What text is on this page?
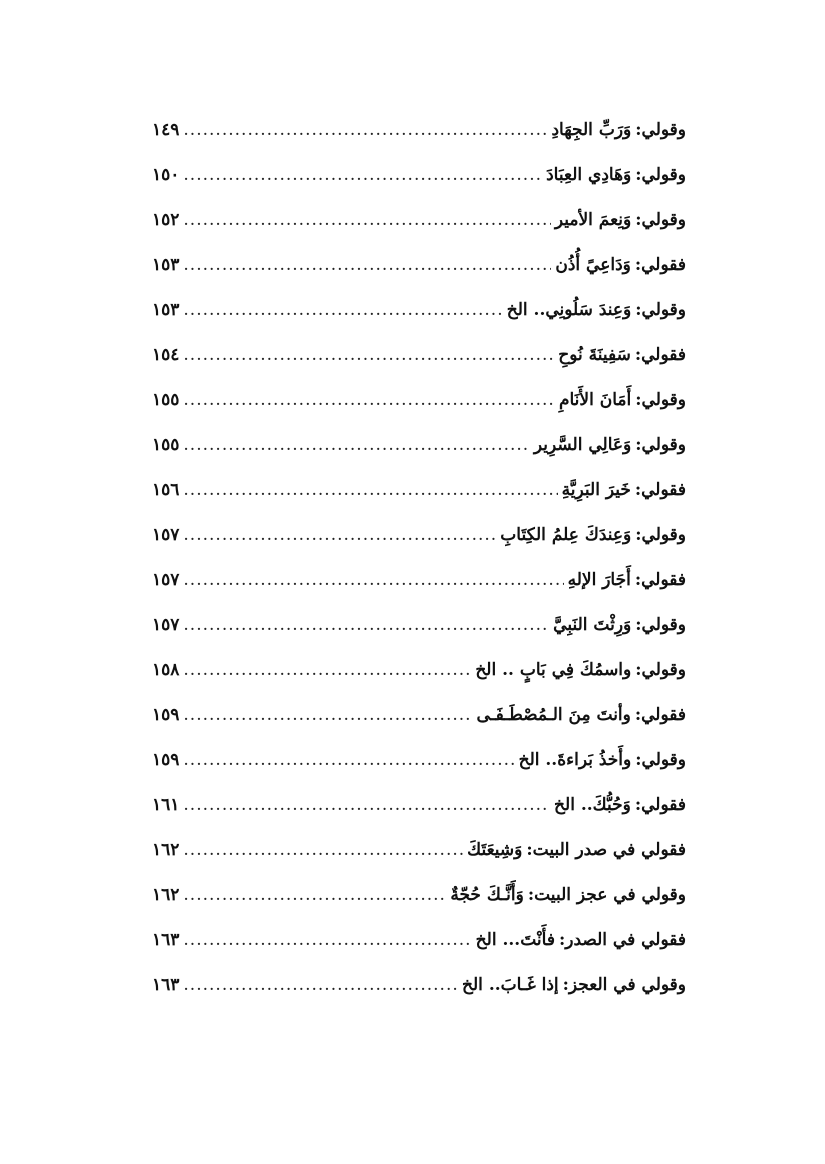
وقولي:وَرَبِّ الجِهَادِ
.....
١٤٩
وقولي:وَهَادِي العِبَادَ
.....
١٥٠
وقولي:وَنِعمَ الأمير
.....
١٥٢
فقولي:وَدَاعِيً أُذُن
.....
١٥٣
وقولي:وَعِندَ سَلُونِي.. الخ
.....
١٥٣
فقولي:سَفِينَةَ نُوحِ
.....
١٥٤
وقولي:أَمَانَ الأَنَامِ
.....
١٥٥
وقولي:وَعَالِي السَّرِير
.....
١٥٥
فقولي:خَيرَ البَرِيَّةِ
.....
١٥٦
وقولي:وَعِندَكَ عِلمُ الكِتَابِ
.....
١٥٧
فقولي:أَجَارَ الإلهِ
.....
١٥٧
وقولي:وَرِثْتَ النَبِيَّ
.....
١٥٧
وقولي:واسمُكَ فِي بَابٍ .. الخ
.....
١٥٨
فقولي:وأنتَ مِنَ الـمُصْطَـفَـى
.....
١٥٩
وقولي:وأَخذُ بَراءةَ.. الخ
.....
١٥٩
فقولي:وَحُبُّكَ.. الخ
.....
١٦١
فقولي في صدر البيت:وَشِيعَتَكَ
.....
١٦٢
وقولي في عجز البيت:وَأَنَّـكَ حُجّةٌ
.....
١٦٢
فقولي في الصدر:فأَنْتَ... الخ
.....
١٦٣
وقولي في العجز:إذا غَـابَ.. الخ
.....
١٦٣
